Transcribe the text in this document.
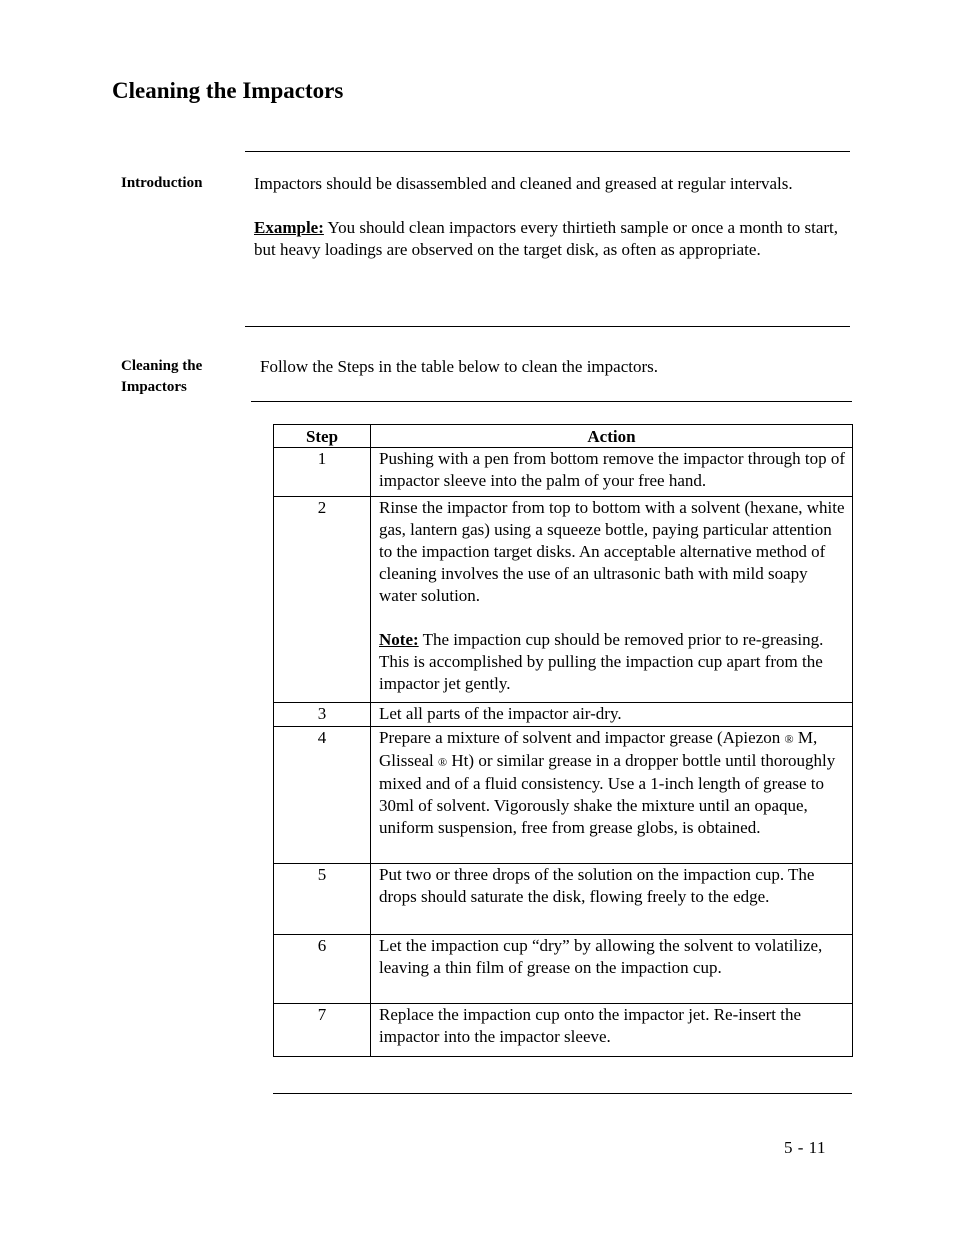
Cleaning the Impactors
Introduction	Impactors should be disassembled and cleaned and greased at regular intervals.

Example: You should clean impactors every thirtieth sample or once a month to start, but heavy loadings are observed on the target disk, as often as appropriate.

Cleaning the Impactors
Follow the Steps in the table below to clean the impactors.
Step	Action
1	Pushing with a pen from bottom remove the impactor through top of impactor sleeve into the palm of your free hand.
2	Rinse the impactor from top to bottom with a solvent (hexane, white gas, lantern gas) using a squeeze bottle, paying particular attention to the impaction target disks. An acceptable alternative method of cleaning involves the use of an ultrasonic bath with mild soapy water solution.
Note: The impaction cup should be removed prior to re-greasing. This is accomplished by pulling the impaction cup apart from the impactor jet gently.

3	Let all parts of the impactor air-dry.
4	Prepare a mixture of solvent and impactor grease (Apiezon ® M, Glisseal ® Ht) or similar grease in a dropper bottle until thoroughly mixed and of a fluid consistency. Use a 1-inch length of grease to 30ml of solvent. Vigorously shake the mixture until an opaque, uniform suspension, free from grease globs, is obtained.
5	Put two or three drops of the solution on the impaction cup. The drops should saturate the disk, flowing freely to the edge.
6	Let the impaction cup “dry” by allowing the solvent to volatilize, leaving a thin film of grease on the impaction cup.
7	Replace the impaction cup onto the impactor jet. Re-insert the impactor into the impactor sleeve.
5 - 11
